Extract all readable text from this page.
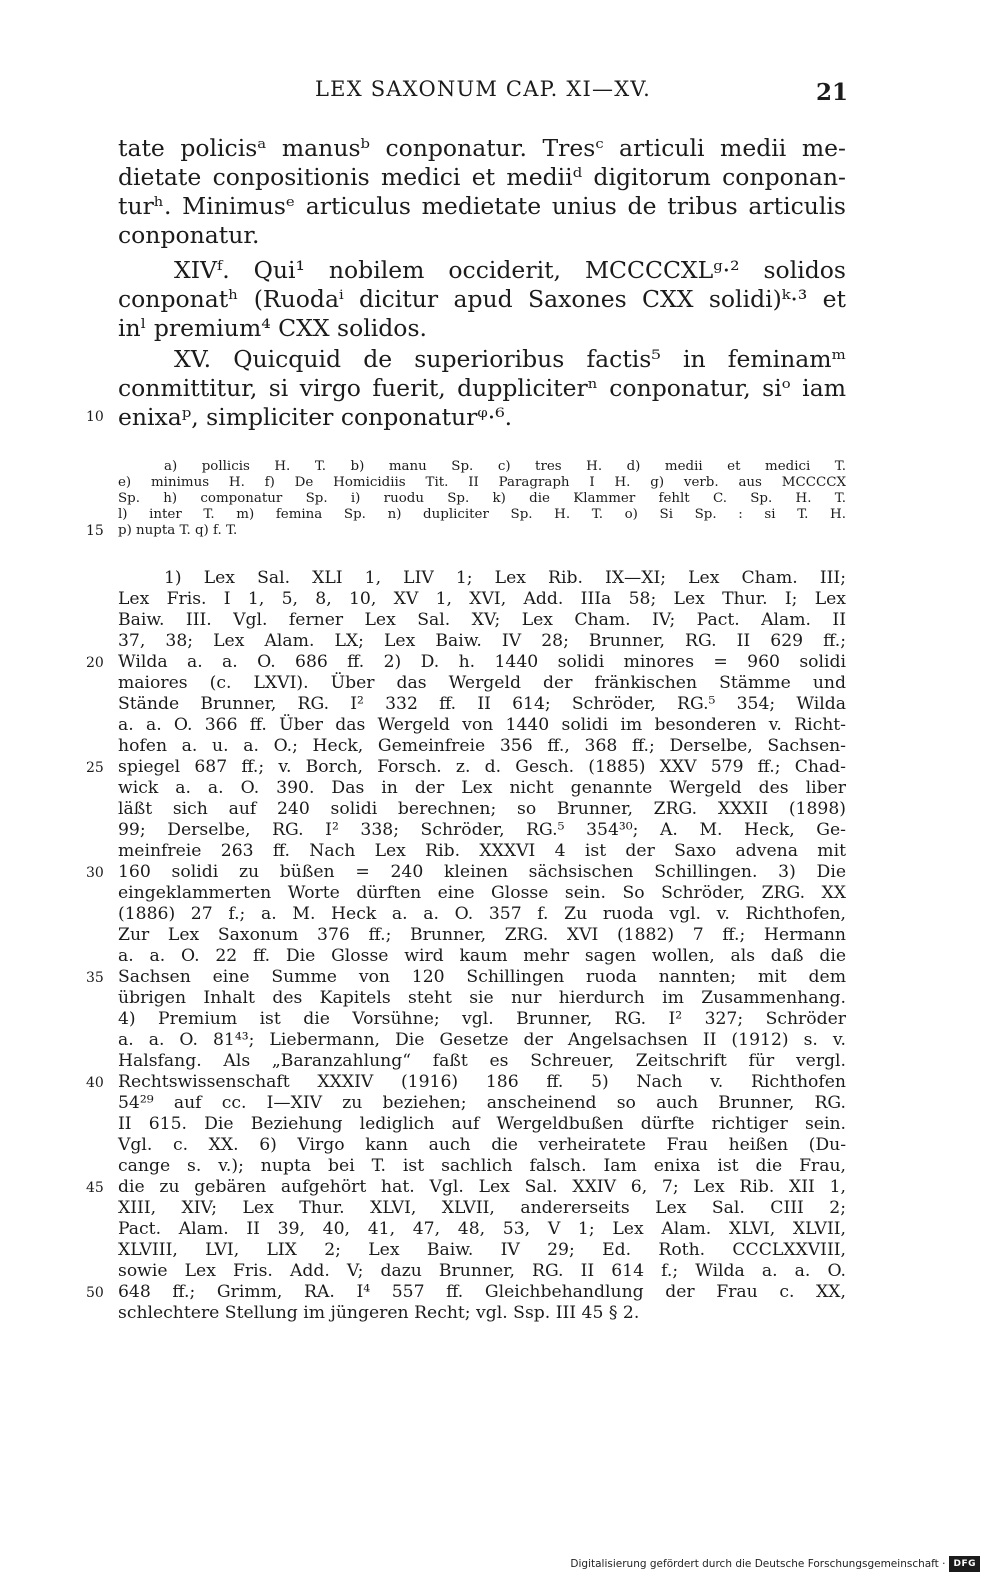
LEX SAXONUM CAP. XI—XV.	21
tate policisᵃ manusᵇ conponatur. Tresᶜ articuli medii me-
dietate conpositionis medici et mediiᵈ digitorum conponan-
turʰ. Minimusᵉ articulus medietate unius de tribus articulis
conponatur.
XIVᶠ. Qui¹ nobilem occiderit, MCCCCXLᵍ·² solidos
conponatʰ (Ruodaⁱ dicitur apud Saxones CXX solidi)ᵏ·³ et
inˡ premium⁴ CXX solidos.
XV. Quicquid de superioribus factis⁵ in feminamᵐ
conmittitur, si virgo fuerit, duppliciterⁿ conponatur, siᵒ iam
enixaᵖ, simpliciter conponaturᵠ·⁶.
a) pollicis H. T. b) manu Sp. c) tres H. d) medii et medici T.
e) minimus H. f) De Homicidiis Tit. II Paragraph I H. g) verb. aus MCCCCX
Sp. h) componatur Sp. i) ruodu Sp. k) die Klammer fehlt C. Sp. H. T.
l) inter T. m) femina Sp. n) dupliciter Sp. H. T. o) Si Sp. : si T. H.
p) nupta T. q) f. T.
1) Lex Sal. XLI 1, LIV 1; Lex Rib. IX—XI; Lex Cham. III;
Lex Fris. I 1, 5, 8, 10, XV 1, XVI, Add. IIIa 58; Lex Thur. I; Lex
Baiw. III. Vgl. ferner Lex Sal. XV; Lex Cham. IV; Pact. Alam. II
37, 38; Lex Alam. LX; Lex Baiw. IV 28; Brunner, RG. II 629 ff.;
Wilda a. a. O. 686 ff. 2) D. h. 1440 solidi minores = 960 solidi
maiores (c. LXVI). Über das Wergeld der fränkischen Stämme und
Stände Brunner, RG. I² 332 ff. II 614; Schröder, RG.⁵ 354; Wilda
a. a. O. 366 ff. Über das Wergeld von 1440 solidi im besonderen v. Richt-
hofen a. u. a. O.; Heck, Gemeinfreie 356 ff., 368 ff.; Derselbe, Sachsen-
spiegel 687 ff.; v. Borch, Forsch. z. d. Gesch. (1885) XXV 579 ff.; Chad-
wick a. a. O. 390. Das in der Lex nicht genannte Wergeld des liber
läßt sich auf 240 solidi berechnen; so Brunner, ZRG. XXXII (1898)
99; Derselbe, RG. I² 338; Schröder, RG.⁵ 354³⁰; A. M. Heck, Ge-
meinfreie 263 ff. Nach Lex Rib. XXXVI 4 ist der Saxo advena mit
160 solidi zu büßen = 240 kleinen sächsischen Schillingen. 3) Die
eingeklammerten Worte dürften eine Glosse sein. So Schröder, ZRG. XX
(1886) 27 f.; a. M. Heck a. a. O. 357 f. Zu ruoda vgl. v. Richthofen,
Zur Lex Saxonum 376 ff.; Brunner, ZRG. XVI (1882) 7 ff.; Hermann
a. a. O. 22 ff. Die Glosse wird kaum mehr sagen wollen, als daß die
Sachsen eine Summe von 120 Schillingen ruoda nannten; mit dem
übrigen Inhalt des Kapitels steht sie nur hierdurch im Zusammenhang.
4) Premium ist die Vorsühne; vgl. Brunner, RG. I² 327; Schröder
a. a. O. 81⁴³; Liebermann, Die Gesetze der Angelsachsen II (1912) s. v.
Halsfang. Als „Baranzahlung“ faßt es Schreuer, Zeitschrift für vergl.
Rechtswissenschaft XXXIV (1916) 186 ff. 5) Nach v. Richthofen
54²⁹ auf cc. I—XIV zu beziehen; anscheinend so auch Brunner, RG.
II 615. Die Beziehung lediglich auf Wergeldbußen dürfte richtiger sein.
Vgl. c. XX. 6) Virgo kann auch die verheiratete Frau heißen (Du-
cange s. v.); nupta bei T. ist sachlich falsch. Iam enixa ist die Frau,
die zu gebären aufgehört hat. Vgl. Lex Sal. XXIV 6, 7; Lex Rib. XII 1,
XIII, XIV; Lex Thur. XLVI, XLVII, andererseits Lex Sal. CIII 2;
Pact. Alam. II 39, 40, 41, 47, 48, 53, V 1; Lex Alam. XLVI, XLVII,
XLVIII, LVI, LIX 2; Lex Baiw. IV 29; Ed. Roth. CCCLXXVIII,
sowie Lex Fris. Add. V; dazu Brunner, RG. II 614 f.; Wilda a. a. O.
648 ff.; Grimm, RA. I⁴ 557 ff. Gleichbehandlung der Frau c. XX,
schlechtere Stellung im jüngeren Recht; vgl. Ssp. III 45 § 2.
10
15
20
25
30
35
40
45
50
Digitalisierung gefördert durch die Deutsche Forschungsgemeinschaft · DFG
